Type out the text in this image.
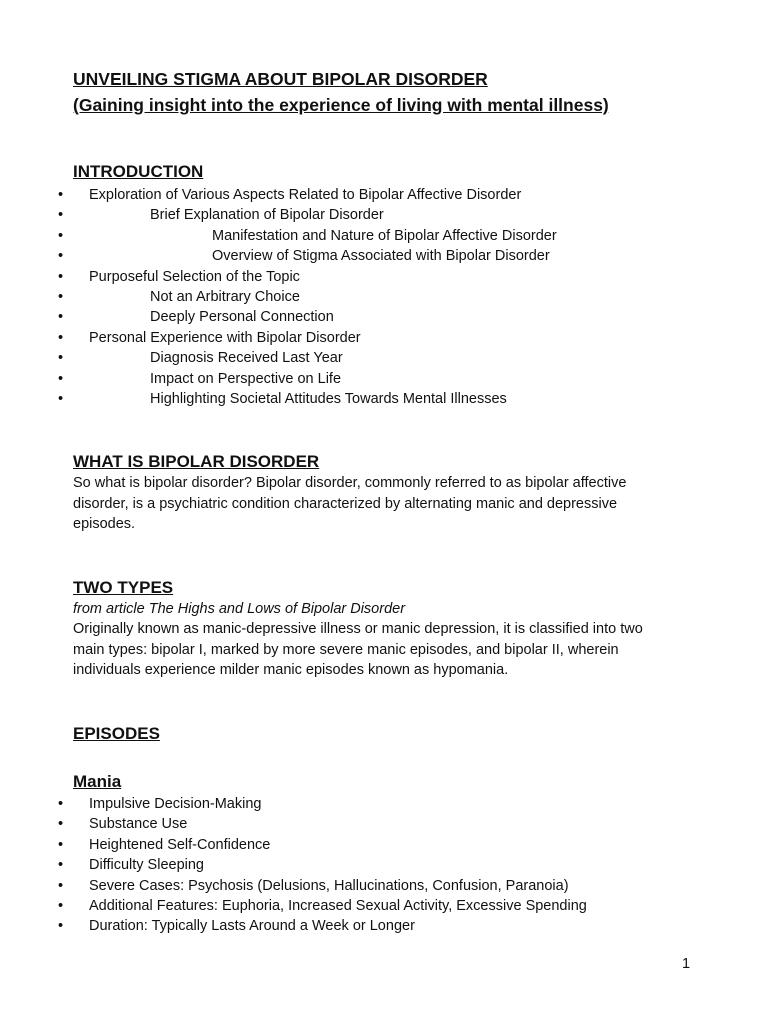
UNVEILING STIGMA ABOUT BIPOLAR DISORDER

(Gaining insight into the experience of living with mental illness)

INTRODUCTION
• Exploration of Various Aspects Related to Bipolar Affective Disorder
• Brief Explanation of Bipolar Disorder
• Manifestation and Nature of Bipolar Affective Disorder
• Overview of Stigma Associated with Bipolar Disorder
• Purposeful Selection of the Topic
• Not an Arbitrary Choice
• Deeply Personal Connection
• Personal Experience with Bipolar Disorder
• Diagnosis Received Last Year
• Impact on Perspective on Life
• Highlighting Societal Attitudes Towards Mental Illnesses
WHAT IS BIPOLAR DISORDER

So what is bipolar disorder? Bipolar disorder, commonly referred to as bipolar affective

disorder, is a psychiatric condition characterized by alternating manic and depressive

episodes.

TWO TYPES

from article The Highs and Lows of Bipolar Disorder

Originally known as manic-depressive illness or manic depression, it is classified into two

main types: bipolar I, marked by more severe manic episodes, and bipolar II, wherein

individuals experience milder manic episodes known as hypomania.

EPISODES
Mania
• Impulsive Decision-Making
• Substance Use
• Heightened Self-Confidence
• Difficulty Sleeping
• Severe Cases: Psychosis (Delusions, Hallucinations, Confusion, Paranoia)
• Additional Features: Euphoria, Increased Sexual Activity, Excessive Spending
• Duration: Typically Lasts Around a Week or Longer
1
